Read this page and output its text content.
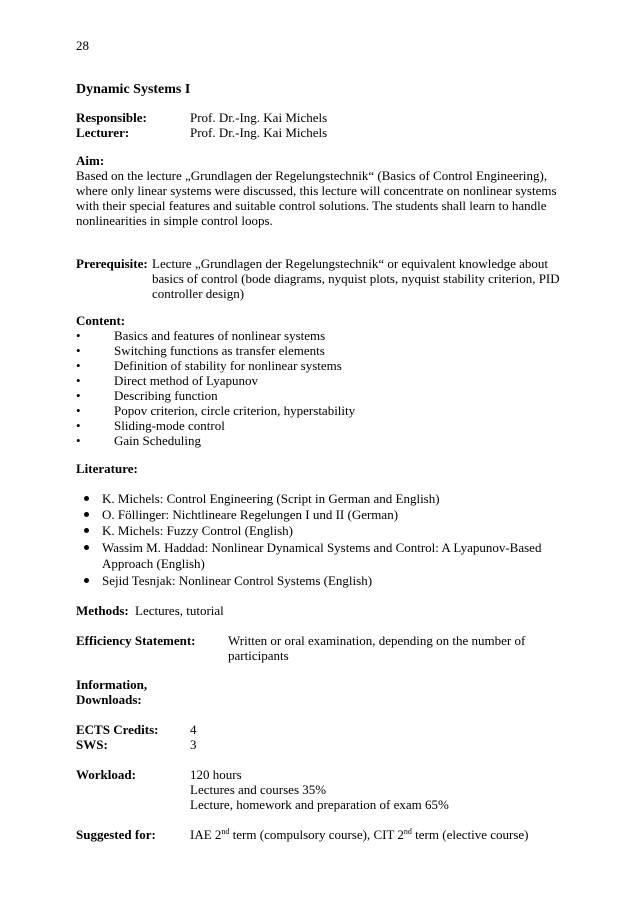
28
Dynamic Systems I
Responsible:	Prof. Dr.-Ing. Kai Michels
Lecturer:	Prof. Dr.-Ing. Kai Michels
Aim:
Based on the lecture „Grundlagen der Regelungstechnik“ (Basics of Control Engineering),
where only linear systems were discussed, this lecture will concentrate on nonlinear systems
with their special features and suitable control solutions. The students shall learn to handle
nonlinearities in simple control loops.
Prerequisite: Lecture „Grundlagen der Regelungstechnik“ or equivalent knowledge about
basics of control (bode diagrams, nyquist plots, nyquist stability criterion, PID
controller design)
Content:
•	Basics and features of nonlinear systems
•	Switching functions as transfer elements
•	Definition of stability for nonlinear systems
•	Direct method of Lyapunov
•	Describing function
•	Popov criterion, circle criterion, hyperstability
•	Sliding-mode control
•	Gain Scheduling
Literature:
K. Michels: Control Engineering (Script in German and English)
O. Föllinger: Nichtlineare Regelungen I und II (German)
K. Michels: Fuzzy Control (English)
Wassim M. Haddad: Nonlinear Dynamical Systems and Control: A Lyapunov-Based
Approach (English)
Sejid Tesnjak: Nonlinear Control Systems (English)
Methods: Lectures, tutorial
Efficiency Statement:	Written or oral examination, depending on the number of
participants
Information,
Downloads:
ECTS Credits: 4
SWS:	3
Workload:	120 hours
Lectures and courses 35%
Lecture, homework and preparation of exam 65%
Suggested for:	IAE 2nd term (compulsory course), CIT 2nd term (elective course)
